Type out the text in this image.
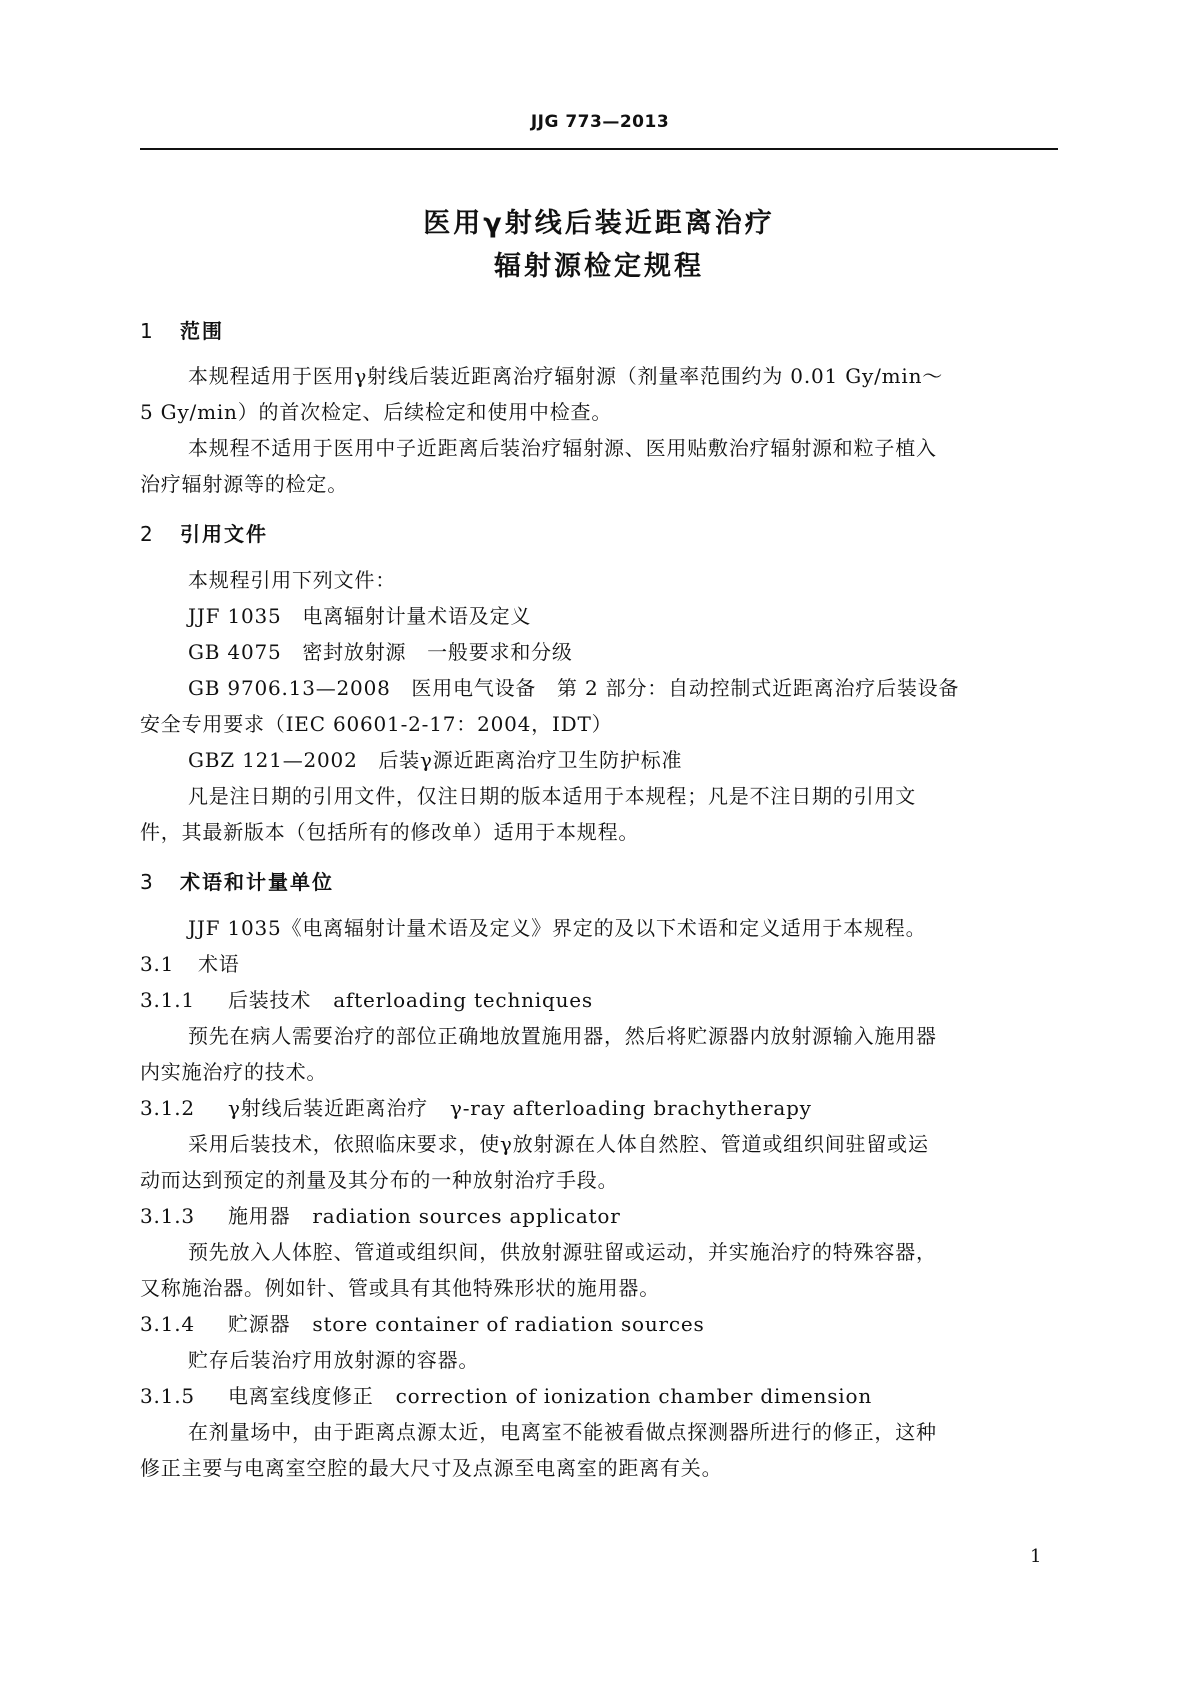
JJG 773—2013
医用γ射线后装近距离治疗
辐射源检定规程
1 范围
本规程适用于医用γ射线后装近距离治疗辐射源（剂量率范围约为 0.01 Gy/min～
5 Gy/min）的首次检定、后续检定和使用中检查。
本规程不适用于医用中子近距离后装治疗辐射源、医用贴敷治疗辐射源和粒子植入
治疗辐射源等的检定。
2 引用文件
本规程引用下列文件：
JJF 1035　电离辐射计量术语及定义
GB 4075　密封放射源　一般要求和分级
GB 9706.13—2008　医用电气设备　第 2 部分：自动控制式近距离治疗后装设备
安全专用要求（IEC 60601-2-17：2004，IDT）
GBZ 121—2002　后装γ源近距离治疗卫生防护标准
凡是注日期的引用文件，仅注日期的版本适用于本规程；凡是不注日期的引用文
件，其最新版本（包括所有的修改单）适用于本规程。
3 术语和计量单位
JJF 1035《电离辐射计量术语及定义》界定的及以下术语和定义适用于本规程。
3.1 术语
3.1.1 后装技术 afterloading techniques
预先在病人需要治疗的部位正确地放置施用器，然后将贮源器内放射源输入施用器
内实施治疗的技术。
3.1.2 γ射线后装近距离治疗 γ-ray afterloading brachytherapy
采用后装技术，依照临床要求，使γ放射源在人体自然腔、管道或组织间驻留或运
动而达到预定的剂量及其分布的一种放射治疗手段。
3.1.3 施用器 radiation sources applicator
预先放入人体腔、管道或组织间，供放射源驻留或运动，并实施治疗的特殊容器，
又称施治器。例如针、管或具有其他特殊形状的施用器。
3.1.4 贮源器 store container of radiation sources
贮存后装治疗用放射源的容器。
3.1.5 电离室线度修正 correction of ionization chamber dimension
在剂量场中，由于距离点源太近，电离室不能被看做点探测器所进行的修正，这种
修正主要与电离室空腔的最大尺寸及点源至电离室的距离有关。
1
